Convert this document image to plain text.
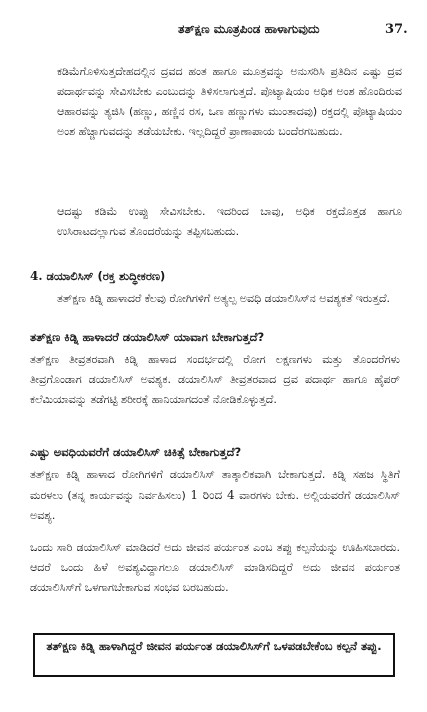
ತತ್‌ಕ್ಷಣ ಮೂತ್ರಪಿಂಡ ಹಾಳಾಗುವುದು	37.

ಕಡಿಮೆಗೊಳಿಸುತ್ತದೇಹದಲ್ಲಿನ ದ್ರವದ ಹಂತ ಹಾಗೂ ಮೂತ್ರವನ್ನು ಅನುಸರಿಸಿ ಪ್ರತಿದಿನ ಎಷ್ಟು ದ್ರವ ಪದಾರ್ಥವನ್ನು ಸೇವಿಸಬೇಕು ಎಂಬುದನ್ನು ತಿಳಿಸಲಾಗುತ್ತದೆ. ಪೊಟ್ಯಾಷಿಯಂ ಅಧಿಕ ಅಂಶ ಹೊಂದಿರುವ ಆಹಾರವನ್ನು ತ್ಯಜಿಸಿ (ಹಣ್ಣು, ಹಣ್ಣಿನ ರಸ, ಒಣ ಹಣ್ಣುಗಳು ಮುಂತಾದವು) ರಕ್ತದಲ್ಲಿ ಪೊಟ್ಯಾಷಿಯಂ ಅಂಶ ಹೆಚ್ಚಾಗುವದನ್ನು ತಡೆಯಬೇಕು. ಇಲ್ಲದಿದ್ದರೆ ಪ್ರಾಣಾಪಾಯ ಬಂದೆರಗಬಹುದು.

ಆದಷ್ಟು ಕಡಿಮೆ ಉಪ್ಪು ಸೇವಿಸಬೇಕು. ಇದರಿಂದ ಬಾವು, ಅಧಿಕ ರಕ್ತದೊತ್ತಡ ಹಾಗೂ ಉಸಿರಾಟದಲ್ಲಾಗುವ ತೊಂದರೆಯನ್ನು ತಪ್ಪಿಸಬಹುದು.

4. ಡಯಾಲಿಸಿಸ್ (ರಕ್ತ ಶುದ್ಧೀಕರಣ)

ತತ್‌ಕ್ಷಣ ಕಿಡ್ನಿ ಹಾಳಾದರೆ ಕೆಲವು ರೋಗಿಗಳಿಗೆ ಅತ್ಯಲ್ಪ ಅವಧಿ ಡಯಾಲಿಸಿಸ್‌ನ ಅವಶ್ಯಕತೆ ಇರುತ್ತದೆ.

ತತ್‌ಕ್ಷಣ ಕಿಡ್ನಿ ಹಾಳಾದರೆ ಡಯಾಲಿಸಿಸ್ ಯಾವಾಗ ಬೇಕಾಗುತ್ತದೆ?

ತತ್‌ಕ್ಷಣ ತೀವ್ರತರವಾಗಿ ಕಿಡ್ನಿ ಹಾಳಾದ ಸಂದರ್ಭದಲ್ಲಿ ರೋಗ ಲಕ್ಷಣಗಳು ಮತ್ತು ತೊಂದರೆಗಳು ತೀವ್ರಗೊಂಡಾಗ ಡಯಾಲಿಸಿಸ್ ಅವಶ್ಯಕ. ಡಯಾಲಿಸಿಸ್ ತೀವ್ರತರವಾದ ದ್ರವ ಪದಾರ್ಥ ಹಾಗೂ ಹೈಪರ್ ಕಲೆಮಿಯಾವನ್ನು ತಡೆಗಟ್ಟಿ ಶರೀರಕ್ಕೆ ಹಾನಿಯಾಗದಂತೆ ನೋಡಿಕೊಳ್ಳುತ್ತದೆ.

ಎಷ್ಟು ಅವಧಿಯವರೆಗೆ ಡಯಾಲಿಸಿಸ್ ಚಿಕಿತ್ಸೆ ಬೇಕಾಗುತ್ತದೆ?

ತತ್‌ಕ್ಷಣ ಕಿಡ್ನಿ ಹಾಳಾದ ರೋಗಿಗಳಿಗೆ ಡಯಾಲಿಸಿಸ್ ತಾತ್ಕಾಲಿಕವಾಗಿ ಬೇಕಾಗುತ್ತದೆ. ಕಿಡ್ನಿ ಸಹಜ ಸ್ಥಿತಿಗೆ ಮರಳಲು (ತನ್ನ ಕಾರ್ಯವನ್ನು ನಿರ್ವಹಿಸಲು) 1 ರಿಂದ 4 ವಾರಗಳು ಬೇಕು. ಅಲ್ಲಿಯವರೆಗೆ ಡಯಾಲಿಸಿಸ್ ಅವಶ್ಯ.

ಒಂದು ಸಾರಿ ಡಯಾಲಿಸಿಸ್ ಮಾಡಿದರೆ ಅದು ಜೀವನ ಪರ್ಯಂತ ಎಂಬ ತಪ್ಪು ಕಲ್ಪನೆಯನ್ನು ಊಹಿಸಬಾರದು. ಆದರೆ ಒಂದು ಹಿಳೆ ಅವಶ್ಯವಿದ್ದಾಗಲೂ ಡಯಾಲಿಸಿಸ್ ಮಾಡಿಸದಿದ್ದರೆ ಅದು ಜೀವನ ಪರ್ಯಂತ ಡಯಾಲಿಸಿಸ್‌ಗೆ ಒಳಗಾಗಬೇಕಾಗುವ ಸಂಭವ ಬರಬಹುದು.

ತತ್‌ಕ್ಷಣ ಕಿಡ್ನಿ ಹಾಳಾಗಿದ್ದರೆ ಜೀವನ ಪರ್ಯಂತ ಡಯಾಲಿಸಿಸ್‌ಗೆ ಒಳಪಡಬೇಕೆಂಬ ಕಲ್ಪನೆ ತಪ್ಪು.
